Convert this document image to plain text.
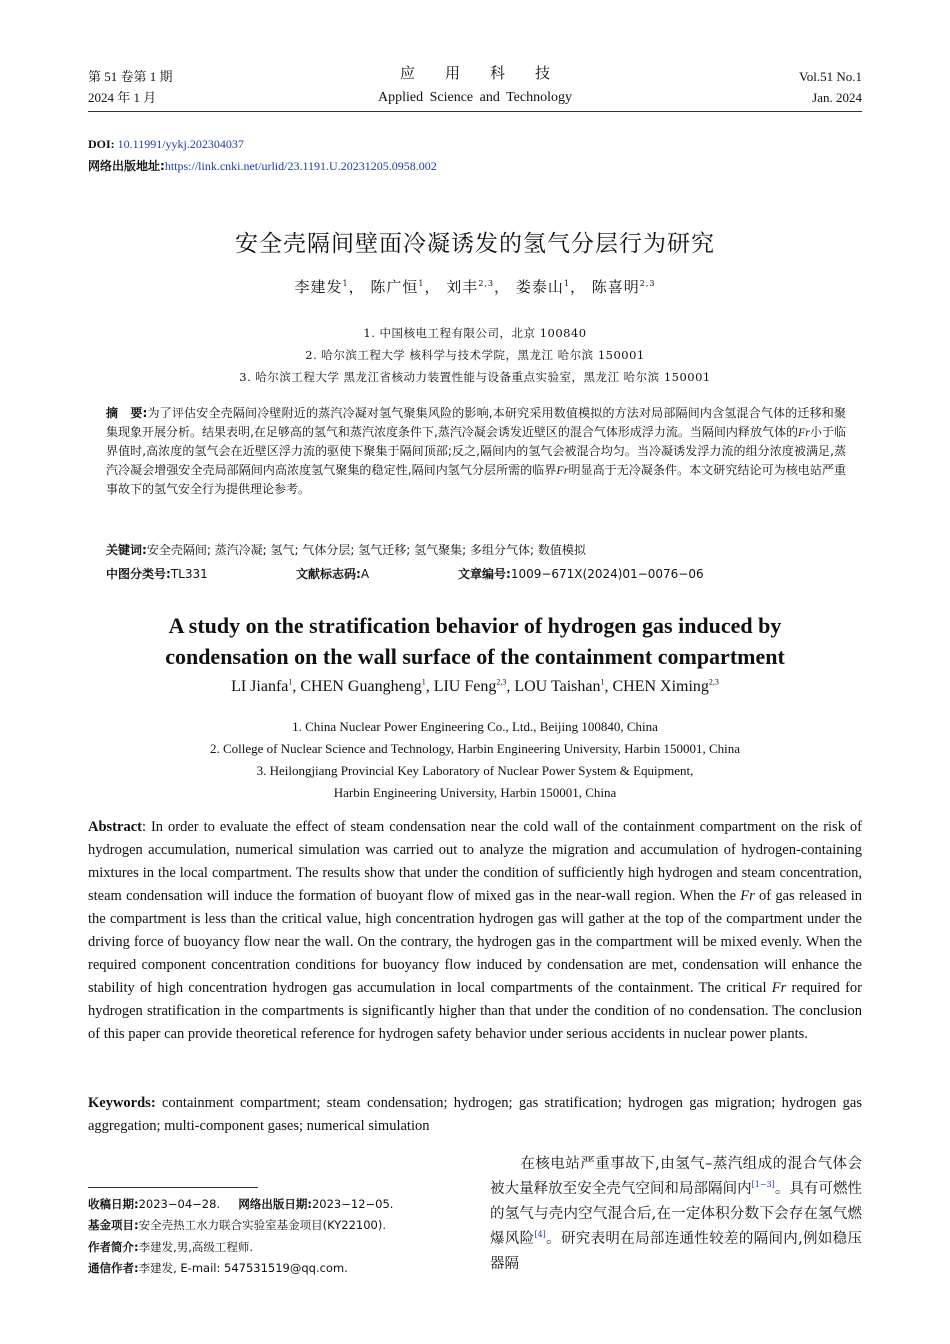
第 51 卷第 1 期
2024 年 1 月
应　　用　　科　　技
Applied Science and Technology
Vol.51 No.1
Jan. 2024
DOI: 10.11991/yykj.202304037
网络出版地址:https://link.cnki.net/urlid/23.1191.U.20231205.0958.002
安全壳隔间壁面冷凝诱发的氢气分层行为研究
李建发$^1$， 陈广恒$^1$， 刘丰$^{2,3}$， 娄泰山$^1$， 陈喜明$^{2,3}$
1. 中国核电工程有限公司，北京 100840
2. 哈尔滨工程大学 核科学与技术学院，黑龙江 哈尔滨 150001
3. 哈尔滨工程大学 黑龙江省核动力装置性能与设备重点实验室，黑龙江 哈尔滨 150001
摘　要:为了评估安全壳隔间冷壁附近的蒸汽冷凝对氢气聚集风险的影响,本研究采用数值模拟的方法对局部隔间内含氢混合气体的迁移和聚集现象开展分析。结果表明,在足够高的氢气和蒸汽浓度条件下,蒸汽冷凝会诱发近壁区的混合气体形成浮力流。当隔间内释放气体的Fr小于临界值时,高浓度的氢气会在近壁区浮力流的驱使下聚集于隔间顶部;反之,隔间内的氢气会被混合均匀。当冷凝诱发浮力流的组分浓度被满足,蒸汽冷凝会增强安全壳局部隔间内高浓度氢气聚集的稳定性,隔间内氢气分层所需的临界Fr明显高于无冷凝条件。本文研究结论可为核电站严重事故下的氢气安全行为提供理论参考。
关键词:安全壳隔间; 蒸汽冷凝; 氢气; 气体分层; 氢气迁移; 氢气聚集; 多组分气体; 数值模拟
中图分类号:TL331	文献标志码:A	文章编号:1009−671X(2024)01−0076−06
A study on the stratification behavior of hydrogen gas induced by
condensation on the wall surface of the containment compartment
LI Jianfa$^1$, CHEN Guangheng$^1$, LIU Feng$^{2,3}$, LOU Taishan$^1$, CHEN Ximing$^{2,3}$
1. China Nuclear Power Engineering Co., Ltd., Beijing 100840, China
2. College of Nuclear Science and Technology, Harbin Engineering University, Harbin 150001, China
3. Heilongjiang Provincial Key Laboratory of Nuclear Power System & Equipment,
Harbin Engineering University, Harbin 150001, China
Abstract: In order to evaluate the effect of steam condensation near the cold wall of the containment compartment on the risk of hydrogen accumulation, numerical simulation was carried out to analyze the migration and accumulation of hydrogen-containing mixtures in the local compartment. The results show that under the condition of sufficiently high hydrogen and steam concentration, steam condensation will induce the formation of buoyant flow of mixed gas in the near-wall region. When the Fr of gas released in the compartment is less than the critical value, high concentration hydrogen gas will gather at the top of the compartment under the driving force of buoyancy flow near the wall. On the contrary, the hydrogen gas in the compartment will be mixed evenly. When the required component concentration conditions for buoyancy flow induced by condensation are met, condensation will enhance the stability of high concentration hydrogen gas accumulation in local compartments of the containment. The critical Fr required for hydrogen stratification in the compartments is significantly higher than that under the condition of no condensation. The conclusion of this paper can provide theoretical reference for hydrogen safety behavior under serious accidents in nuclear power plants.
Keywords: containment compartment; steam condensation; hydrogen; gas stratification; hydrogen gas migration; hydrogen gas aggregation; multi-component gases; numerical simulation
收稿日期:2023−04−28. 网络出版日期:2023−12−05.
基金项目:安全壳热工水力联合实验室基金项目(KY22100).
作者简介:李建发,男,高级工程师.
通信作者:李建发, E-mail: 547531519@qq.com.
在核电站严重事故下,由氢气–蒸汽组成的混合气体会被大量释放至安全壳气空间和局部隔间内[1−3]。具有可燃性的氢气与壳内空气混合后,在一定体积分数下会存在氢气燃爆风险[4]。研究表明在局部连通性较差的隔间内,例如稳压器隔
